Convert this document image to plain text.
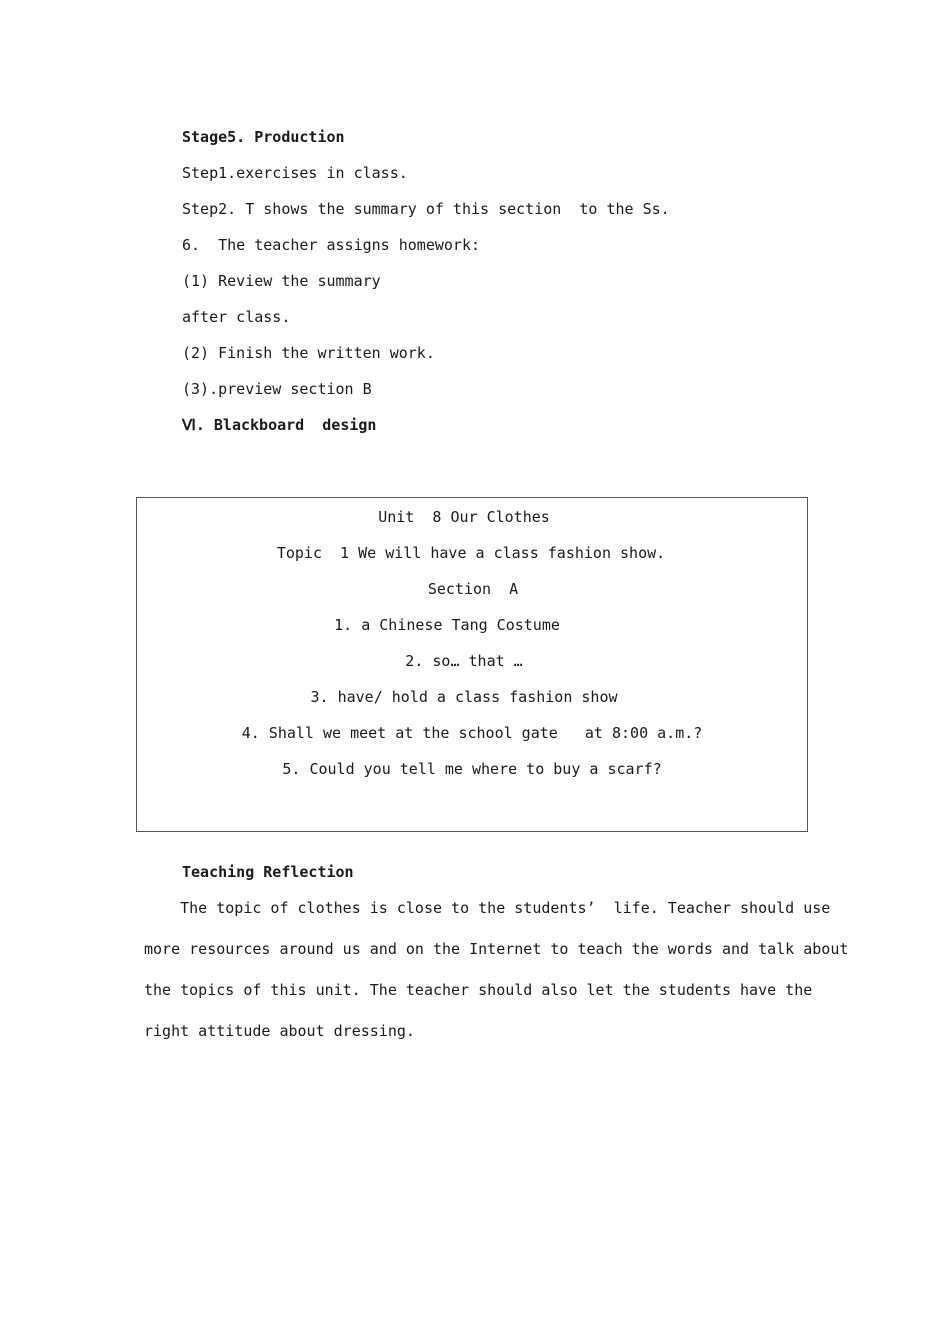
Stage5. Production
Step1.exercises in class.
Step2. T shows the summary of this section  to the Ss.
6.  The teacher assigns homework:
(1) Review the summary
after class.
(2) Finish the written work.
(3).preview section B
Ⅵ. Blackboard  design
Unit  8 Our Clothes
Topic  1 We will have a class fashion show.
Section  A
1. a Chinese Tang Costume
2. so… that …
3. have/ hold a class fashion show
4. Shall we meet at the school gate   at 8:00 a.m.?
5. Could you tell me where to buy a scarf?
Teaching Reflection
The topic of clothes is close to the students’  life. Teacher should use
more resources around us and on the Internet to teach the words and talk about
the topics of this unit. The teacher should also let the students have the
right attitude about dressing.
